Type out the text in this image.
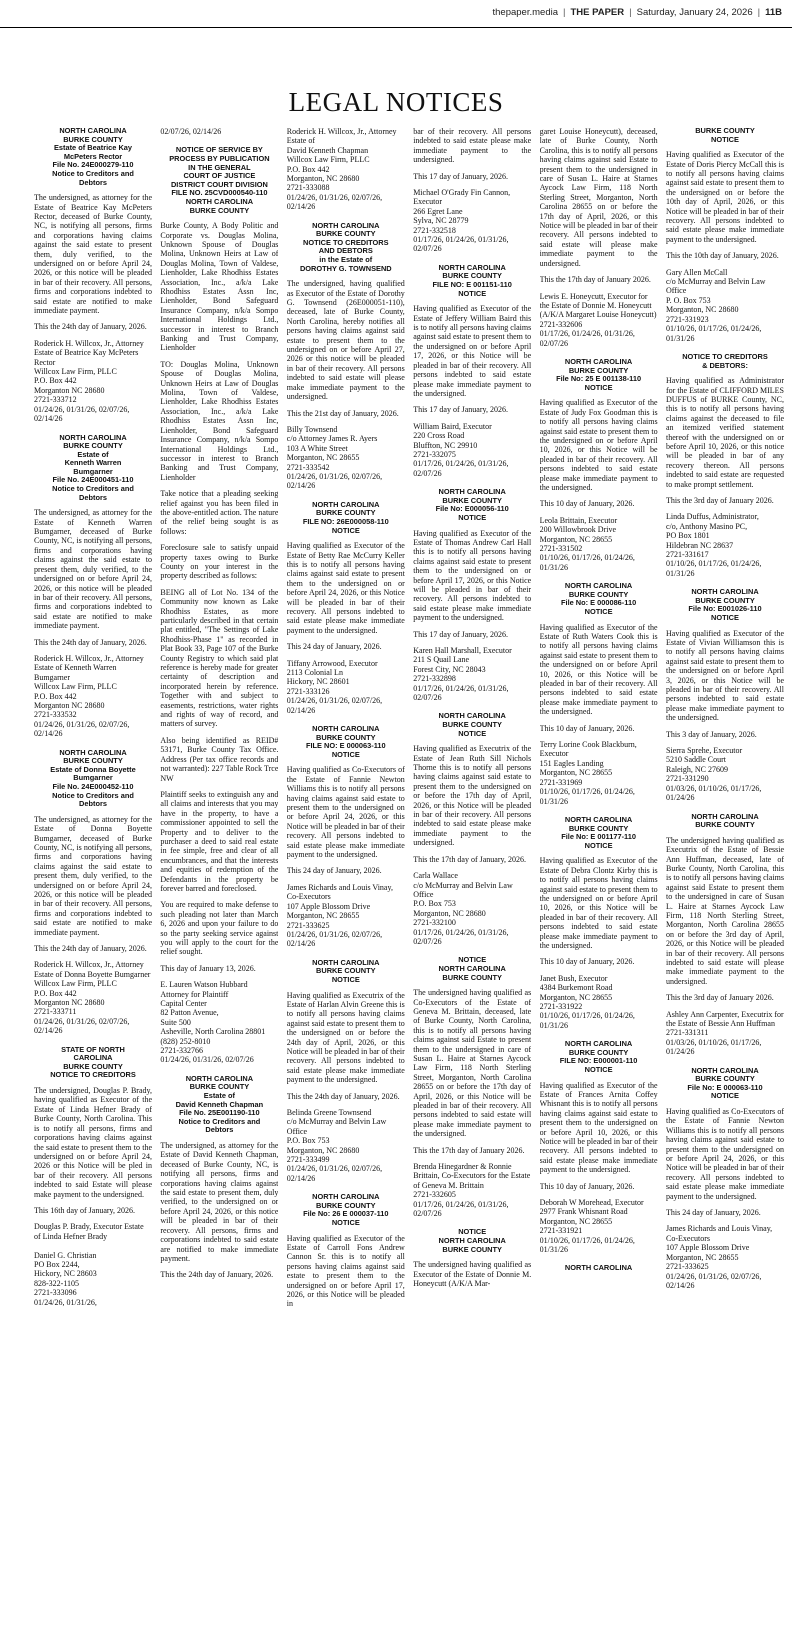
thepaper.media | THE PAPER | Saturday, January 24, 2026 | 11B
LEGAL NOTICES
NORTH CAROLINA
BURKE COUNTY
Estate of Beatrice Kay
McPeters Rector
File No. 24E000279-110
Notice to Creditors and
Debtors

The undersigned, as attorney for the Estate of Beatrice Kay McPeters Rector, deceased of Burke County, NC, is notifying all persons, firms and corporations having claims against the said estate to present them, duly verified, to the undersigned on or before April 24, 2026, or this notice will be pleaded in bar of their recovery. All persons, firms and corporations indebted to said estate are notified to make immediate payment.

This the 24th day of January, 2026.

Roderick H. Willcox, Jr., Attorney
Estate of Beatrice Kay McPeters Rector
Willcox Law Firm, PLLC
P.O. Box 442
Morganton NC 28680
2721-333712
01/24/26, 01/31/26, 02/07/26, 02/14/26
NORTH CAROLINA
BURKE COUNTY
Estate of
Kenneth Warren
Bumgarner
File No. 24E000451-110
Notice to Creditors and
Debtors

The undersigned, as attorney for the Estate of Kenneth Warren Bumgarner, deceased of Burke County, NC, is notifying all persons, firms and corporations having claims against the said estate to present them, duly verified, to the undersigned on or before April 24, 2026, or this notice will be pleaded in bar of their recovery. All persons, firms and corporations indebted to said estate are notified to make immediate payment.

This the 24th day of January, 2026.

Roderick H. Willcox, Jr., Attorney
Estate of Kenneth Warren Bumgarner
Willcox Law Firm, PLLC
P.O. Box 442
Morganton NC 28680
2721-333532
01/24/26, 01/31/26, 02/07/26, 02/14/26
NORTH CAROLINA
BURKE COUNTY
Estate of Donna Boyette
Bumgarner
File No. 24E000452-110
Notice to Creditors and
Debtors

The undersigned, as attorney for the Estate of Donna Boyette Bumgarner, deceased of Burke County, NC, is notifying all persons, firms and corporations having claims against the said estate to present them, duly verified, to the undersigned on or before April 24, 2026, or this notice will be pleaded in bar of their recovery. All persons, firms and corporations indebted to said estate are notified to make immediate payment.

This the 24th day of January, 2026.

Roderick H. Willcox, Jr., Attorney
Estate of Donna Boyette Bumgarner
Willcox Law Firm, PLLC
P.O. Box 442
Morganton NC 28680
2721-333711
01/24/26, 01/31/26, 02/07/26, 02/14/26
STATE OF NORTH
CAROLINA
BURKE COUNTY
NOTICE TO CREDITORS

The undersigned, Douglas P. Brady, having qualified as Executor of the Estate of Linda Hefner Brady of Burke County, North Carolina. This is to notify all persons, firms and corporations having claims against the said estate to present them to the undersigned on or before April 24, 2026 or this Notice will be pled in bar of their recovery. All persons indebted to said Estate will please make payment to the undersigned.

This 16th day of January, 2026.

Douglas P. Brady, Executor Estate of Linda Hefner Brady

Daniel G. Christian
PO Box 2244,
Hickory, NC 28603
828-322-1105
2721-333096
01/24/26, 01/31/26,
02/07/26, 02/14/26
NOTICE OF SERVICE BY
PROCESS BY PUBLICATION
IN THE GENERAL
COURT OF JUSTICE
DISTRICT COURT DIVISION
FILE NO. 25CVD000540-110
NORTH CAROLINA
BURKE COUNTY

Burke County, A Body Politic and Corporate vs. Douglas Molina, Unknown Spouse of Douglas Molina, Unknown Heirs at Law of Douglas Molina, Town of Valdese, Lienholder, Lake Rhodhiss Estates Association, Inc., a/k/a Lake Rhodhiss Estates Assn Inc, Lienholder, Bond Safeguard Insurance Company, n/k/a Sompo International Holdings Ltd., successor in interest to Branch Banking and Trust Company, Lienholder

TO: Douglas Molina, Unknown Spouse of Douglas Molina, Unknown Heirs at Law of Douglas Molina, Town of Valdese, Lienholder, Lake Rhodhiss Estates Association, Inc., a/k/a Lake Rhodhiss Estates Assn Inc, Lienholder, Bond Safeguard Insurance Company, n/k/a Sompo International Holdings Ltd., successor in interest to Branch Banking and Trust Company, Lienholder

Take notice that a pleading seeking relief against you has been filed in the above-entitled action. The nature of the relief being sought is as follows:

Foreclosure sale to satisfy unpaid property taxes owing to Burke County on your interest in the property described as follows:

BEING all of Lot No. 134 of the Community now known as Lake Rhodhiss Estates, as more particularly described in that certain plat entitled, "The Settings of Lake Rhodhiss-Phase 1" as recorded in Plat Book 33, Page 107 of the Burke County Registry to which said plat reference is hereby made for greater certainty of description and incorporated herein by reference. Together with and subject to easements, restrictions, water rights and rights of way of record, and matters of survey.

Also being identified as REID# 53171, Burke County Tax Office. Address (Per tax office records and not warranted): 227 Table Rock Trce NW

Plaintiff seeks to extinguish any and all claims and interests that you may have in the property, to have a commissioner appointed to sell the Property and to deliver to the purchaser a deed to said real estate in fee simple, free and clear of all encumbrances, and that the interests and equities of redemption of the Defendants in the property be forever barred and foreclosed.

You are required to make defense to such pleading not later than March 6, 2026 and upon your failure to do so the party seeking service against you will apply to the court for the relief sought.

This day of January 13, 2026.

E. Lauren Watson Hubbard
Attorney for Plaintiff
Capital Center
82 Patton Avenue,
Suite 500
Asheville, North Carolina 28801
(828) 252-8010
2721-332766
01/24/26, 01/31/26, 02/07/26
NORTH CAROLINA
BURKE COUNTY
Estate of
David Kenneth Chapman
File No. 25E001190-110
Notice to Creditors and
Debtors

The undersigned, as attorney for the Estate of David Kenneth Chapman, deceased of Burke County, NC, is notifying all persons, firms and corporations having claims against the said estate to present them, duly verified, to the undersigned on or before April 24, 2026, or this notice will be pleaded in bar of their recovery. All persons, firms and corporations indebted to said estate are notified to make immediate payment.

This the 24th day of January, 2026.

Roderick H. Willcox, Jr., Attorney
Estate of
David Kenneth Chapman
Willcox Law Firm, PLLC
P.O. Box 442
Morganton, NC 28680
2721-333088
01/24/26, 01/31/26, 02/07/26, 02/14/26
NORTH CAROLINA
BURKE COUNTY
NOTICE TO CREDITORS
AND DEBTORS
in the Estate of
DOROTHY G. TOWNSEND

The undersigned, having qualified as Executor of the Estate of Dorothy G. Townsend (26E000051-110), deceased, late of Burke County, North Carolina, hereby notifies all persons having claims against said estate to present them to the undersigned on or before April 27, 2026 or this notice will be pleaded in bar of their recovery. All persons indebted to said estate will please make immediate payment to the undersigned.

This the 21st day of January, 2026.

Billy Townsend
c/o Attorney James R. Ayers
103 A White Street
Morganton, NC 28655
2721-333542
01/24/26, 01/31/26, 02/07/26, 02/14/26
NORTH CAROLINA
BURKE COUNTY
FILE NO: 26E000058-110
NOTICE

Having qualified as Executor of the Estate of Betty Rae McCurry Keller this is to notify all persons having claims against said estate to present them to the undersigned on or before April 24, 2026, or this Notice will be pleaded in bar of their recovery. All persons indebted to said estate please make immediate payment to the undersigned.

This 24 day of January, 2026.

Tiffany Arrowood, Executor
2113 Colonial Ln
Hickory, NC 28601
2721-333126
01/24/26, 01/31/26, 02/07/26, 02/14/26
NORTH CAROLINA
BURKE COUNTY
FILE NO: E 000063-110
NOTICE

Having qualified as Co-Executors of the Estate of Fannie Newton Williams this is to notify all persons having claims against said estate to present them to the undersigned on or before April 24, 2026, or this Notice will be pleaded in bar of their recovery. All persons indebted to said estate please make immediate payment to the undersigned.

This 24 day of January, 2026.

James Richards and Louis Vinay, Co-Executors
107 Apple Blossom Drive
Morganton, NC 28655
2721-333625
01/24/26, 01/31/26, 02/07/26, 02/14/26
NORTH CAROLINA
BURKE COUNTY
NOTICE

Having qualified as Executrix of the Estate of Harlan Alvin Greene this is to notify all persons having claims against said estate to present them to the undersigned on or before the 24th day of April, 2026, or this Notice will be pleaded in bar of their recovery. All persons indebted to said estate please make immediate payment to the undersigned.

This the 24th day of January, 2026.

Belinda Greene Townsend
c/o McMurray and Belvin Law Office
P.O. Box 753
Morganton, NC 28680
2721-333499
01/24/26, 01/31/26, 02/07/26, 02/14/26
NORTH CAROLINA
BURKE COUNTY
File No: 26 E 000037-110
NOTICE

Having qualified as Executor of the Estate of Carroll Fons Andrew Cannon Sr. this is to notify all persons having claims against said estate to present them to the undersigned on or before April 17, 2026, or this Notice will be pleaded in

bar of their recovery. All persons indebted to said estate please make immediate payment to the undersigned.

This 17 day of January, 2026.

Michael O'Grady Fin Cannon, Executor
266 Egret Lane
Sylva, NC 28779
2721-332518
01/17/26, 01/24/26, 01/31/26, 02/07/26
NORTH CAROLINA
BURKE COUNTY
FILE NO: E 001151-110
NOTICE

Having qualified as Executor of the Estate of Jeffery William Baird this is to notify all persons having claims against said estate to present them to the undersigned on or before April 17, 2026, or this Notice will be pleaded in bar of their recovery. All persons indebted to said estate please make immediate payment to the undersigned.

This 17 day of January, 2026.

William Baird, Executor
220 Cross Road
Bluffton, NC 29910
2721-332075
01/17/26, 01/24/26, 01/31/26, 02/07/26
NORTH CAROLINA
BURKE COUNTY
File No: E000056-110
NOTICE

Having qualified as Executor of the Estate of Thomas Andrew Carl Hall this is to notify all persons having claims against said estate to present them to the undersigned on or before April 17, 2026, or this Notice will be pleaded in bar of their recovery. All persons indebted to said estate please make immediate payment to the undersigned.

This 17 day of January, 2026.

Karen Hall Marshall, Executor
211 S Quail Lane
Forest City, NC 28043
2721-332898
01/17/26, 01/24/26, 01/31/26, 02/07/26
NORTH CAROLINA
BURKE COUNTY
NOTICE

Having qualified as Executrix of the Estate of Jean Ruth Sill Nichols Thorne this is to notify all persons having claims against said estate to present them to the undersigned on or before the 17th day of April, 2026, or this Notice will be pleaded in bar of their recovery. All persons indebted to said estate please make immediate payment to the undersigned.

This the 17th day of January, 2026.

Carla Wallace
c/o McMurray and Belvin Law Office
P.O. Box 753
Morganton, NC 28680
2721-332100
01/17/26, 01/24/26, 01/31/26, 02/07/26
NOTICE
NORTH CAROLINA
BURKE COUNTY

The undersigned having qualified as Co-Executors of the Estate of Geneva M. Brittain, deceased, late of Burke County, North Carolina, this is to notify all persons having claims against said Estate to present them to the undersigned in care of Susan L. Haire at Starnes Aycock Law Firm, 118 North Sterling Street, Morganton, North Carolina 28655 on or before the 17th day of April, 2026, or this Notice will be pleaded in bar of their recovery. All persons indebted to said estate will please make immediate payment to the undersigned.

This the 17th day of January 2026.

Brenda Hinegardner & Ronnie Brittain, Co-Executors for the Estate of Geneva M. Brittain
2721-332605
01/17/26, 01/24/26, 01/31/26, 02/07/26
NOTICE
NORTH CAROLINA
BURKE COUNTY

The undersigned having qualified as Executor of the Estate of Donnie M. Honeycutt (A/K/A Mar-

garet Louise Honeycutt), deceased, late of Burke County, North Carolina, this is to notify all persons having claims against said Estate to present them to the undersigned in care of Susan L. Haire at Starnes Aycock Law Firm, 118 North Sterling Street, Morganton, North Carolina 28655 on or before the 17th day of April, 2026, or this Notice will be pleaded in bar of their recovery. All persons indebted to said estate will please make immediate payment to the undersigned.

This the 17th day of January 2026.

Lewis E. Honeycutt, Executor for the Estate of Donnie M. Honeycutt (A/K/A Margaret Louise Honeycutt)
2721-332606
01/17/26, 01/24/26, 01/31/26, 02/07/26
NORTH CAROLINA
BURKE COUNTY
File No: 25 E 001138-110
NOTICE

Having qualified as Executor of the Estate of Judy Fox Goodman this is to notify all persons having claims against said estate to present them to the undersigned on or before April 10, 2026, or this Notice will be pleaded in bar of their recovery. All persons indebted to said estate please make immediate payment to the undersigned.

This 10 day of January, 2026.

Leola Brittain, Executor
200 Willowbrook Drive
Morganton, NC 28655
2721-331502
01/10/26, 01/17/26, 01/24/26, 01/31/26
NORTH CAROLINA
BURKE COUNTY
File No: E 000086-110
NOTICE

Having qualified as Executor of the Estate of Ruth Waters Cook this is to notify all persons having claims against said estate to present them to the undersigned on or before April 10, 2026, or this Notice will be pleaded in bar of their recovery. All persons indebted to said estate please make immediate payment to the undersigned.

This 10 day of January, 2026.

Terry Lorine Cook Blackburn, Executor
151 Eagles Landing
Morganton, NC 28655
2721-331969
01/10/26, 01/17/26, 01/24/26, 01/31/26
NORTH CAROLINA
BURKE COUNTY
File No: E 001177-110
NOTICE

Having qualified as Executor of the Estate of Debra Clontz Kirby this is to notify all persons having claims against said estate to present them to the undersigned on or before April 10, 2026, or this Notice will be pleaded in bar of their recovery. All persons indebted to said estate please make immediate payment to the undersigned.

This 10 day of January, 2026.

Janet Bush, Executor
4384 Burkemont Road
Morganton, NC 28655
2721-331922
01/10/26, 01/17/26, 01/24/26, 01/31/26
NORTH CAROLINA
BURKE COUNTY
FILE NO: E000001-110
NOTICE

Having qualified as Executor of the Estate of Frances Arnita Coffey Whisnant this is to notify all persons having claims against said estate to present them to the undersigned on or before April 10, 2026, or this Notice will be pleaded in bar of their recovery. All persons indebted to said estate please make immediate payment to the undersigned.

This 10 day of January, 2026.

Deborah W Morehead, Executor
2977 Frank Whisnant Road
Morganton, NC 28655
2721-331921
01/10/26, 01/17/26, 01/24/26, 01/31/26
NORTH CAROLINA
BURKE COUNTY
NOTICE

Having qualified as Executor of the Estate of Doris Piercy McCall this is to notify all persons having claims against said estate to present them to the undersigned on or before the 10th day of April, 2026, or this Notice will be pleaded in bar of their recovery. All persons indebted to said estate please make immediate payment to the undersigned.

This the 10th day of January, 2026.

Gary Allen McCall
c/o McMurray and Belvin Law Office
P. O. Box 753
Morganton, NC 28680
2721-331923
01/10/26, 01/17/26, 01/24/26, 01/31/26
NOTICE TO CREDITORS
& DEBTORS:

Having qualified as Administrator for the Estate of CLIFFORD MILES DUFFUS of BURKE County, NC, this is to notify all persons having claims against the deceased to file an itemized verified statement thereof with the undersigned on or before April 10, 2026, or this notice will be pleaded in bar of any recovery thereon. All persons indebted to said estate are requested to make prompt settlement.

This the 3rd day of January 2026.

Linda Duffus, Administrator,
c/o, Anthony Masino PC,
PO Box 1801
Hildebran NC 28637
2721-331617
01/10/26, 01/17/26, 01/24/26, 01/31/26
NORTH CAROLINA
BURKE COUNTY
File No: E001026-110
NOTICE

Having qualified as Executor of the Estate of Vivian Williamson this is to notify all persons having claims against said estate to present them to the undersigned on or before April 3, 2026, or this Notice will be pleaded in bar of their recovery. All persons indebted to said estate please make immediate payment to the undersigned.

This 3 day of January, 2026.

Sierra Sprehe, Executor
5210 Saddle Court
Raleigh, NC 27609
2721-331290
01/03/26, 01/10/26, 01/17/26, 01/24/26
NORTH CAROLINA
BURKE COUNTY

The undersigned having qualified as Executrix of the Estate of Bessie Ann Huffman, deceased, late of Burke County, North Carolina, this is to notify all persons having claims against said Estate to present them to the undersigned in care of Susan L. Haire at Starnes Aycock Law Firm, 118 North Sterling Street, Morganton, North Carolina 28655 on or before the 3rd day of April, 2026, or this Notice will be pleaded in bar of their recovery. All persons indebted to said estate will please make immediate payment to the undersigned.

This the 3rd day of January 2026.

Ashley Ann Carpenter, Executrix for the Estate of Bessie Ann Huffman
2721-331311
01/03/26, 01/10/26, 01/17/26, 01/24/26
NORTH CAROLINA
BURKE COUNTY
File No: E 000063-110
NOTICE

Having qualified as Co-Executors of the Estate of Fannie Newton Williams this is to notify all persons having claims against said estate to present them to the undersigned on or before April 24, 2026, or this Notice will be pleaded in bar of their recovery. All persons indebted to said estate please make immediate payment to the undersigned.

This 24 day of January, 2026.

James Richards and Louis Vinay, Co-Executors
107 Apple Blossom Drive Morganton, NC 28655
2721-333625
01/24/26, 01/31/26, 02/07/26, 02/14/26
